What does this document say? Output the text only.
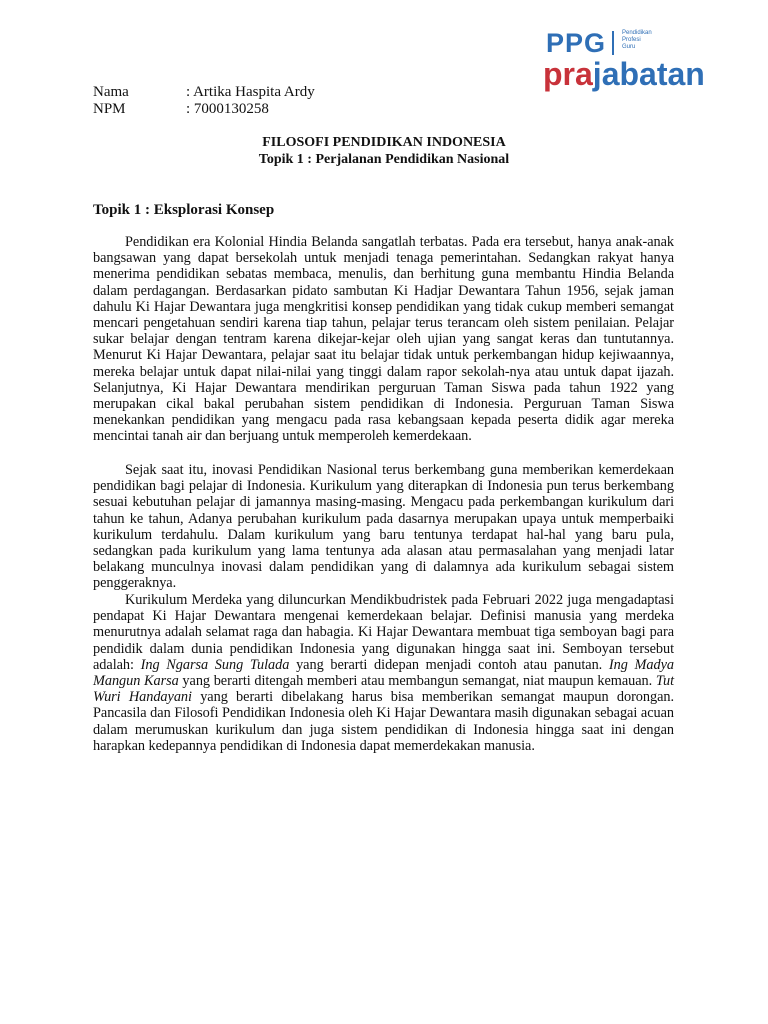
PPG	Pendidikan
Profesi
Guru
prajabatan
Nama	: Artika Haspita Ardy
NPM	: 7000130258
FILOSOFI PENDIDIKAN INDONESIA
Topik 1 : Perjalanan Pendidikan Nasional
Topik 1 : Eksplorasi Konsep
Pendidikan era Kolonial Hindia Belanda sangatlah terbatas. Pada era tersebut, hanya anak-anak bangsawan yang dapat bersekolah untuk menjadi tenaga pemerintahan. Sedangkan rakyat hanya menerima pendidikan sebatas membaca, menulis, dan berhitung guna membantu Hindia Belanda dalam perdagangan. Berdasarkan pidato sambutan Ki Hadjar Dewantara Tahun 1956, sejak jaman dahulu Ki Hajar Dewantara juga mengkritisi konsep pendidikan yang tidak cukup memberi semangat mencari pengetahuan sendiri karena tiap tahun, pelajar terus terancam oleh sistem penilaian. Pelajar sukar belajar dengan tentram karena dikejar-kejar oleh ujian yang sangat keras dan tuntutannya. Menurut Ki Hajar Dewantara, pelajar saat itu belajar tidak untuk perkembangan hidup kejiwaannya, mereka belajar untuk dapat nilai-nilai yang tinggi dalam rapor sekolah-nya atau untuk dapat ijazah. Selanjutnya, Ki Hajar Dewantara mendirikan perguruan Taman Siswa pada tahun 1922 yang merupakan cikal bakal perubahan sistem pendidikan di Indonesia. Perguruan Taman Siswa menekankan pendidikan yang mengacu pada rasa kebangsaan kepada peserta didik agar mereka mencintai tanah air dan berjuang untuk memperoleh kemerdekaan.
Sejak saat itu, inovasi Pendidikan Nasional terus berkembang guna memberikan kemerdekaan pendidikan bagi pelajar di Indonesia. Kurikulum yang diterapkan di Indonesia pun terus berkembang sesuai kebutuhan pelajar di jamannya masing-masing. Mengacu pada perkembangan kurikulum dari tahun ke tahun, Adanya perubahan kurikulum pada dasarnya merupakan upaya untuk memperbaiki kurikulum terdahulu. Dalam kurikulum yang baru tentunya terdapat hal-hal yang baru pula, sedangkan pada kurikulum yang lama tentunya ada alasan atau permasalahan yang menjadi latar belakang munculnya inovasi dalam pendidikan yang di dalamnya ada kurikulum sebagai sistem penggeraknya.
Kurikulum Merdeka yang diluncurkan Mendikbudristek pada Februari 2022 juga mengadaptasi pendapat Ki Hajar Dewantara mengenai kemerdekaan belajar. Definisi manusia yang merdeka menurutnya adalah selamat raga dan habagia. Ki Hajar Dewantara membuat tiga semboyan bagi para pendidik dalam dunia pendidikan Indonesia yang digunakan hingga saat ini. Semboyan tersebut adalah: Ing Ngarsa Sung Tulada yang berarti didepan menjadi contoh atau panutan. Ing Madya Mangun Karsa yang berarti ditengah memberi atau membangun semangat, niat maupun kemauan. Tut Wuri Handayani yang berarti dibelakang harus bisa memberikan semangat maupun dorongan. Pancasila dan Filosofi Pendidikan Indonesia oleh Ki Hajar Dewantara masih digunakan sebagai acuan dalam merumuskan kurikulum dan juga sistem pendidikan di Indonesia hingga saat ini dengan harapkan kedepannya pendidikan di Indonesia dapat memerdekakan manusia.
